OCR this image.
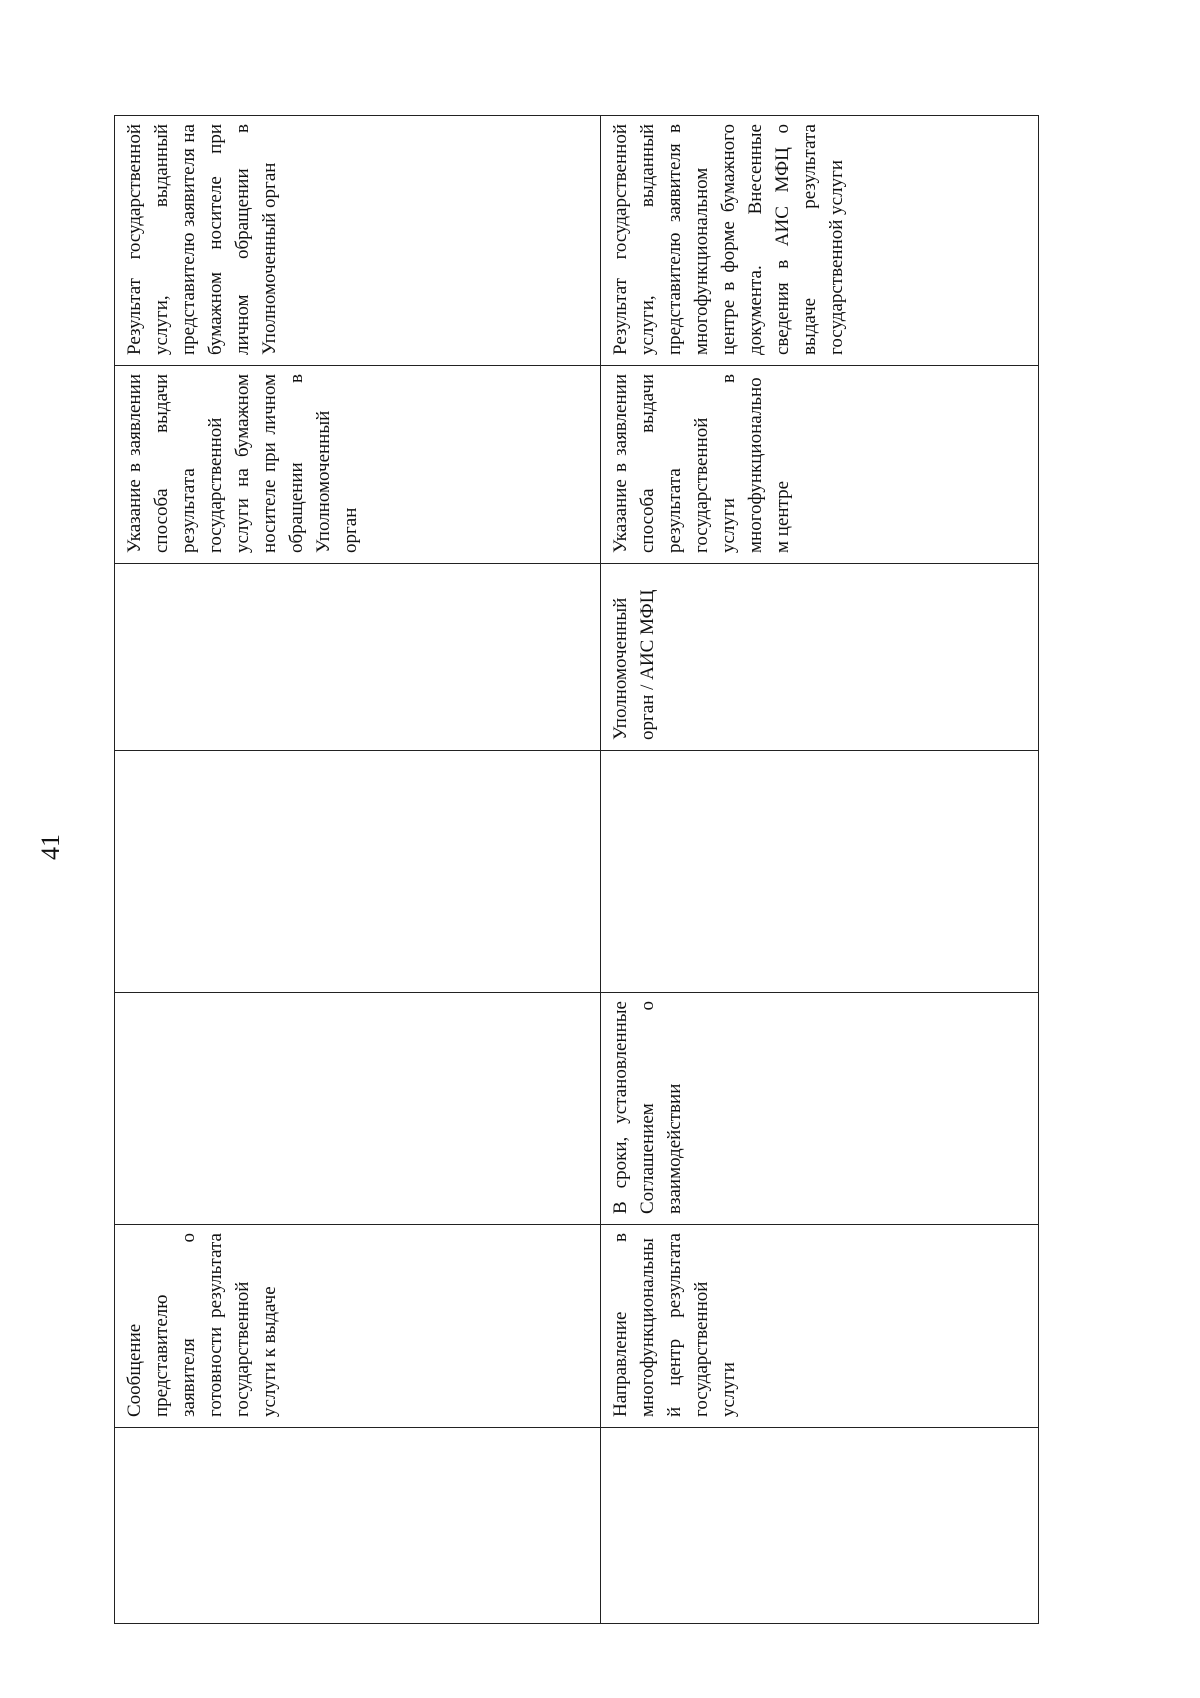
41

	Сообщение представителю заявителя о готовности результата государственной услуги к выдаче				Указание в заявлении способа выдачи результата государственной услуги на бумажном носителе при личном обращении в Уполномоченный орган	Результат государственной услуги, выданный представителю заявителя на бумажном носителе при личном обращении в Уполномоченный орган

	Направление в многофункциональный центр результата государственной услуги	В сроки, установленные Соглашением о взаимодействии		Уполномоченный орган / АИС МФЦ	Указание в заявлении способа выдачи результата государственной услуги в многофункциональном центре	Результат государственной услуги, выданный представителю заявителя в многофункциональном центре в форме бумажного документа. Внесенные сведения в АИС МФЦ о выдаче результата государственной услуги
